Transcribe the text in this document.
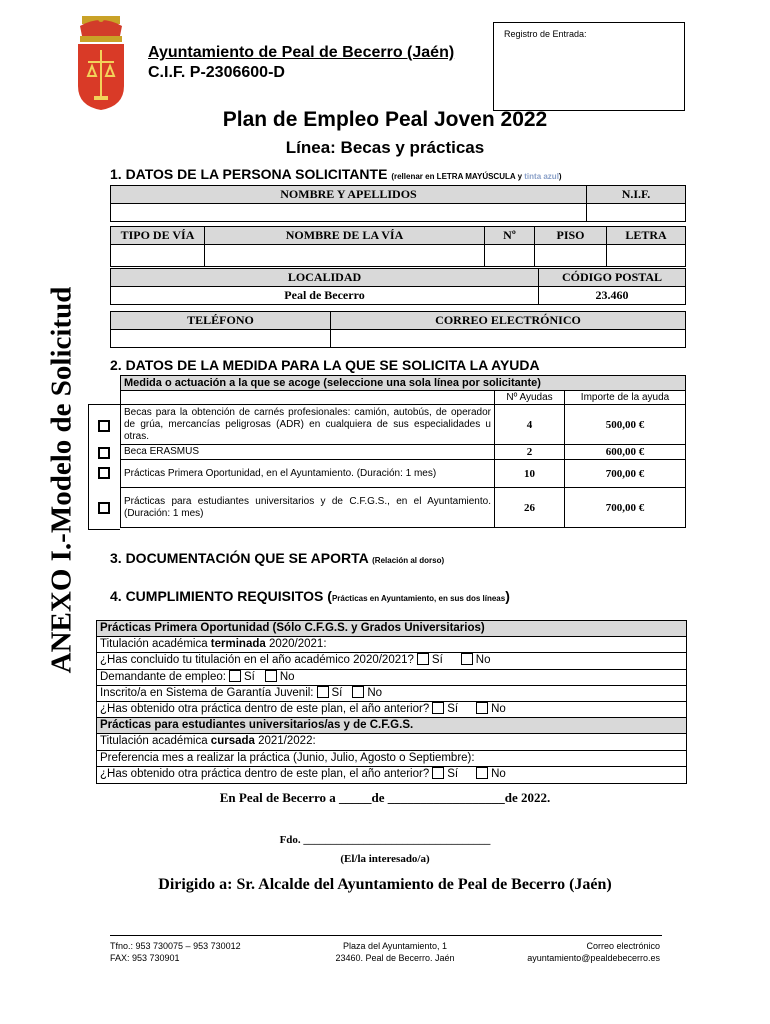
Ayuntamiento de Peal de Becerro (Jaén)
C.I.F. P-2306600-D
Registro de Entrada:
Plan de Empleo Peal Joven 2022
Línea: Becas y prácticas
ANEXO I.-Modelo de Solicitud
1. DATOS DE LA PERSONA SOLICITANTE (rellenar en LETRA MAYÚSCULA y tinta azul)
NOMBRE Y APELLIDOS	N.I.F.

TIPO DE VÍA	NOMBRE DE LA VÍA	Nº	PISO	LETRA

LOCALIDAD	CÓDIGO POSTAL
Peal de Becerro	23.460
TELÉFONO	CORREO ELECTRÓNICO

2. DATOS DE LA MEDIDA PARA LA QUE SE SOLICITA LA AYUDA
Medida o actuación a la que se acoge (seleccione una sola línea por solicitante)		
	Nº Ayudas	Importe de la ayuda
Becas para la obtención de carnés profesionales: camión, autobús, de operador de grúa, mercancías peligrosas (ADR) en cualquiera de sus especialidades u otras.	4	500,00 €
Beca ERASMUS	2	600,00 €
Prácticas Primera Oportunidad, en el Ayuntamiento. (Duración: 1 mes)	10	700,00 €
Prácticas para estudiantes universitarios y de C.F.G.S., en el Ayuntamiento. (Duración: 1 mes)	26	700,00 €
3. DOCUMENTACIÓN QUE SE APORTA (Relación al dorso)
4. CUMPLIMIENTO REQUISITOS (Prácticas en Ayuntamiento, en sus dos líneas)
Prácticas Primera Oportunidad (Sólo C.F.G.S. y Grados Universitarios)
Titulación académica terminada 2020/2021:
¿Has concluido tu titulación en el año académico 2020/2021? Sí	No
Demandante de empleo: Sí No
Inscrito/a en Sistema de Garantía Juvenil: Sí No
¿Has obtenido otra práctica dentro de este plan, el año anterior? Sí	No
Prácticas para estudiantes universitarios/as y de C.F.G.S.
Titulación académica cursada 2021/2022:
Preferencia mes a realizar la práctica (Junio, Julio, Agosto o Septiembre):
¿Has obtenido otra práctica dentro de este plan, el año anterior? Sí	No
En Peal de Becerro a _____de __________________de 2022.
Fdo. __________________________________
(El/la interesado/a)
Dirigido a: Sr. Alcalde del Ayuntamiento de Peal de Becerro (Jaén)
Tfno.: 953 730075 – 953 730012
FAX: 953 730901
Plaza del Ayuntamiento, 1
23460. Peal de Becerro. Jaén
Correo electrónico
ayuntamiento@pealdebecerro.es
